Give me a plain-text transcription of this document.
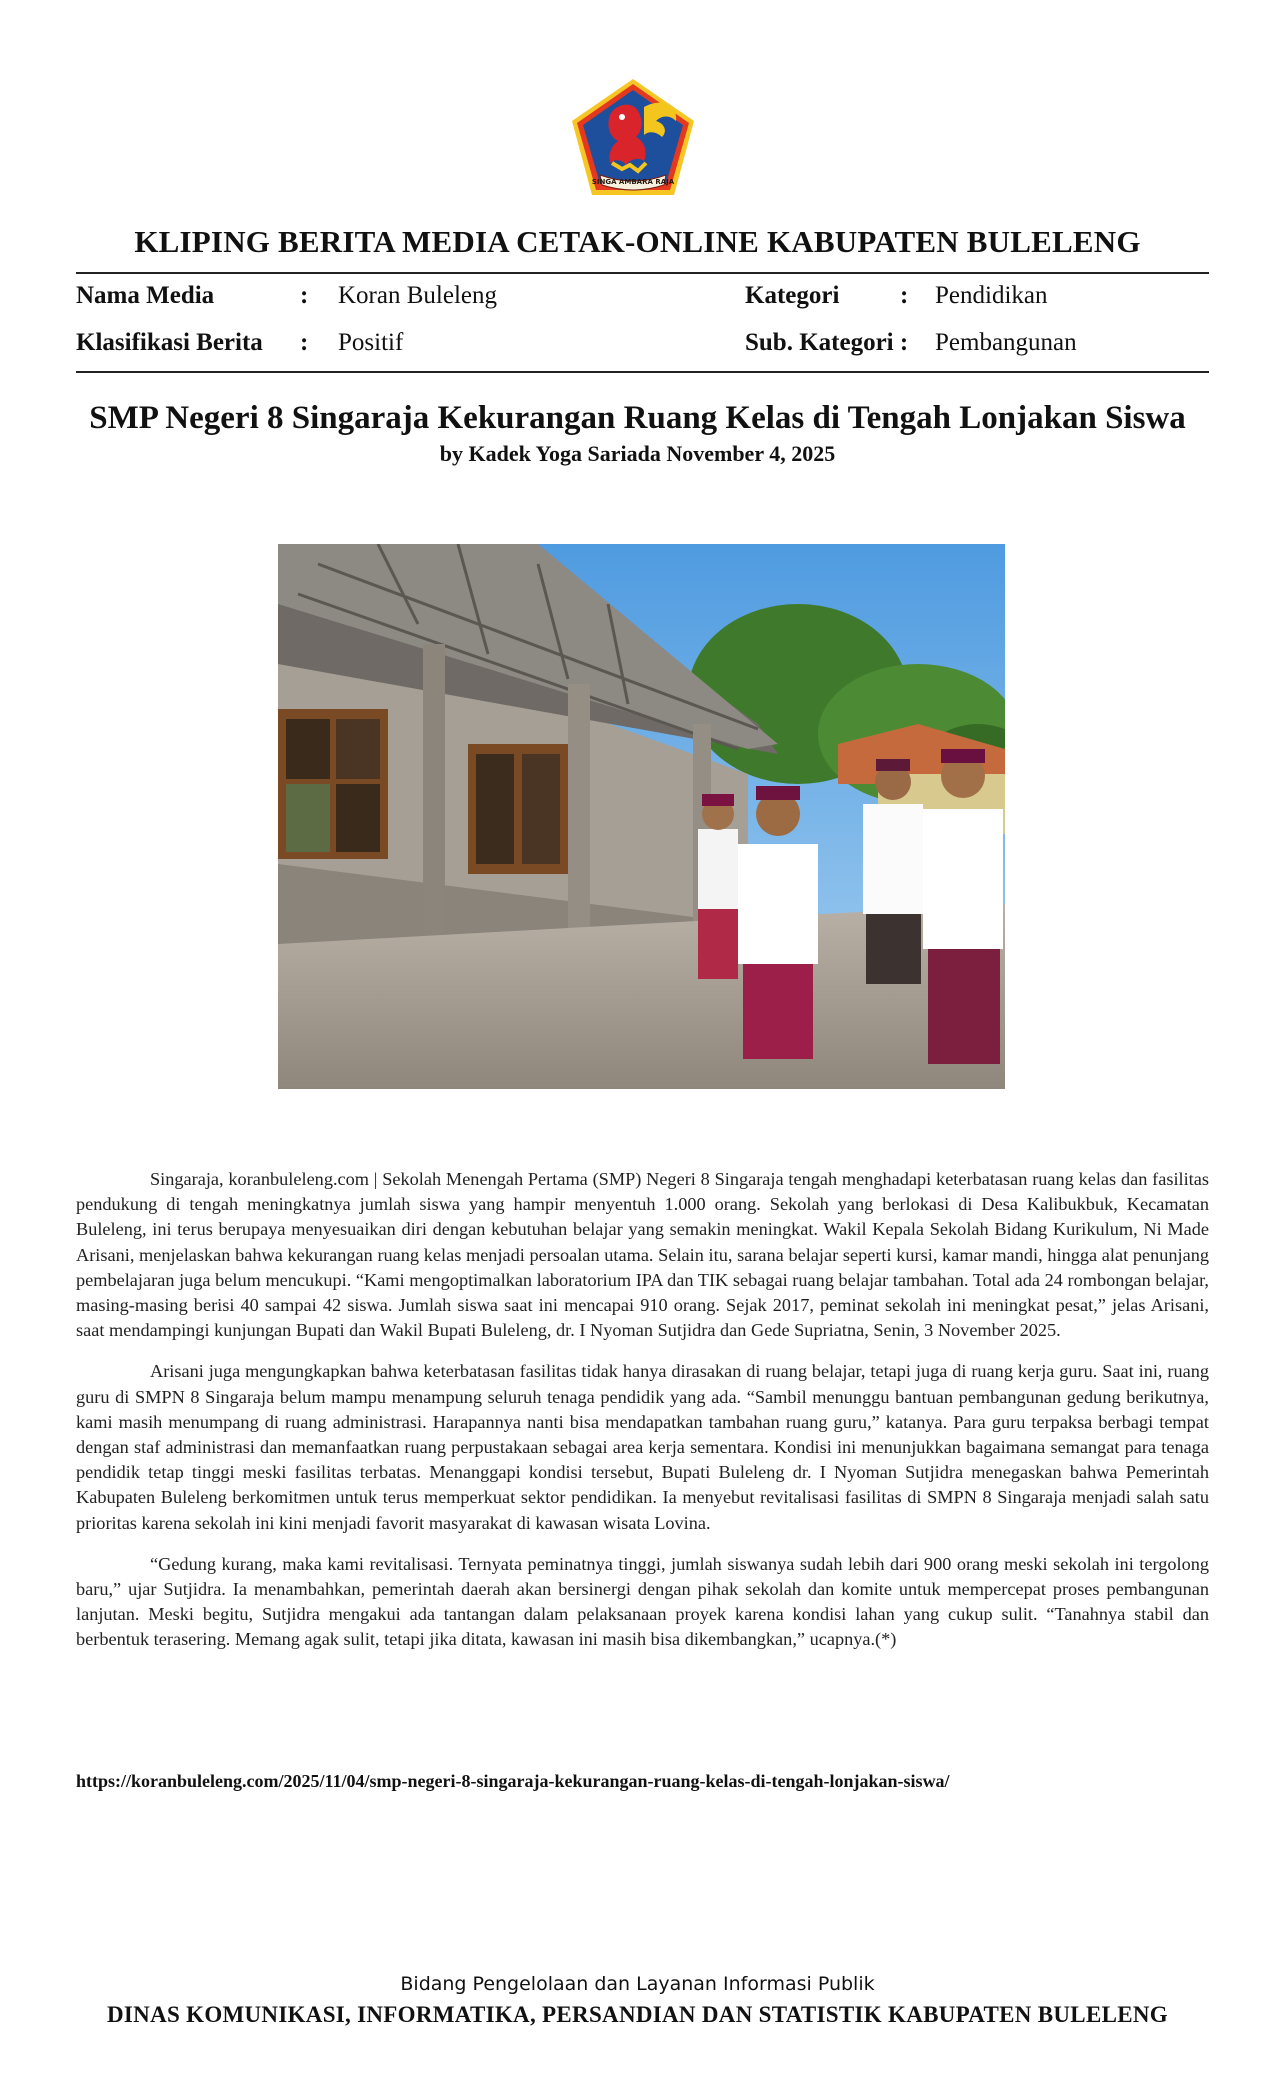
SINGA AMBARA RAJA
KLIPING BERITA MEDIA CETAK-ONLINE KABUPATEN BULELENG
Nama Media	: Koran Buleleng
Klasifikasi Berita : Positif
Kategori : Pendidikan
Sub. Kategori : Pembangunan
SMP Negeri 8 Singaraja Kekurangan Ruang Kelas di Tengah Lonjakan Siswa
by Kadek Yoga Sariada November 4, 2025

Singaraja, koranbuleleng.com | Sekolah Menengah Pertama (SMP) Negeri 8 Singaraja tengah menghadapi keterbatasan ruang kelas dan fasilitas pendukung di tengah meningkatnya jumlah siswa yang hampir menyentuh 1.000 orang. Sekolah yang berlokasi di Desa Kalibukbuk, Kecamatan Buleleng, ini terus berupaya menyesuaikan diri dengan kebutuhan belajar yang semakin meningkat. Wakil Kepala Sekolah Bidang Kurikulum, Ni Made Arisani, menjelaskan bahwa kekurangan ruang kelas menjadi persoalan utama. Selain itu, sarana belajar seperti kursi, kamar mandi, hingga alat penunjang pembelajaran juga belum mencukupi. “Kami mengoptimalkan laboratorium IPA dan TIK sebagai ruang belajar tambahan. Total ada 24 rombongan belajar, masing-masing berisi 40 sampai 42 siswa. Jumlah siswa saat ini mencapai 910 orang. Sejak 2017, peminat sekolah ini meningkat pesat,” jelas Arisani, saat mendampingi kunjungan Bupati dan Wakil Bupati Buleleng, dr. I Nyoman Sutjidra dan Gede Supriatna, Senin, 3 November 2025.

Arisani juga mengungkapkan bahwa keterbatasan fasilitas tidak hanya dirasakan di ruang belajar, tetapi juga di ruang kerja guru. Saat ini, ruang guru di SMPN 8 Singaraja belum mampu menampung seluruh tenaga pendidik yang ada. “Sambil menunggu bantuan pembangunan gedung berikutnya, kami masih menumpang di ruang administrasi. Harapannya nanti bisa mendapatkan tambahan ruang guru,” katanya. Para guru terpaksa berbagi tempat dengan staf administrasi dan memanfaatkan ruang perpustakaan sebagai area kerja sementara. Kondisi ini menunjukkan bagaimana semangat para tenaga pendidik tetap tinggi meski fasilitas terbatas. Menanggapi kondisi tersebut, Bupati Buleleng dr. I Nyoman Sutjidra menegaskan bahwa Pemerintah Kabupaten Buleleng berkomitmen untuk terus memperkuat sektor pendidikan. Ia menyebut revitalisasi fasilitas di SMPN 8 Singaraja menjadi salah satu prioritas karena sekolah ini kini menjadi favorit masyarakat di kawasan wisata Lovina.

“Gedung kurang, maka kami revitalisasi. Ternyata peminatnya tinggi, jumlah siswanya sudah lebih dari 900 orang meski sekolah ini tergolong baru,” ujar Sutjidra. Ia menambahkan, pemerintah daerah akan bersinergi dengan pihak sekolah dan komite untuk mempercepat proses pembangunan lanjutan. Meski begitu, Sutjidra mengakui ada tantangan dalam pelaksanaan proyek karena kondisi lahan yang cukup sulit. “Tanahnya stabil dan berbentuk terasering. Memang agak sulit, tetapi jika ditata, kawasan ini masih bisa dikembangkan,” ucapnya.(*)

https://koranbuleleng.com/2025/11/04/smp-negeri-8-singaraja-kekurangan-ruang-kelas-di-tengah-lonjakan-siswa/
Bidang Pengelolaan dan Layanan Informasi Publik
DINAS KOMUNIKASI, INFORMATIKA, PERSANDIAN DAN STATISTIK KABUPATEN BULELENG
